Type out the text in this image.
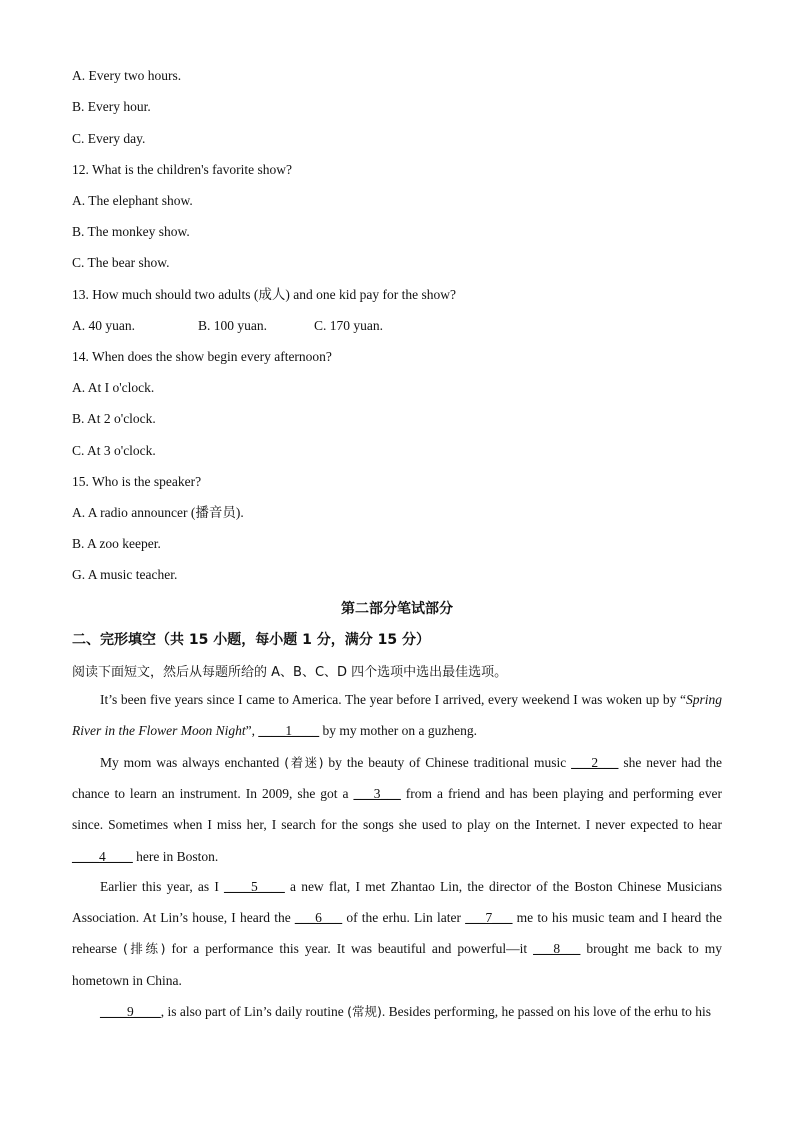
A. Every two hours.
B. Every hour.
C. Every day.
12. What is the children's favorite show?
A. The elephant show.
B. The monkey show.
C. The bear show.
13. How much should two adults (成人) and one kid pay for the show?
A. 40 yuan.	B. 100 yuan.	C. 170 yuan.
14. When does the show begin every afternoon?
A. At I o'clock.
B. At 2 o'clock.
C. At 3 o'clock.
15. Who is the speaker?
A. A radio announcer (播音员).
B. A zoo keeper.
G. A music teacher.
第二部分笔试部分
二、完形填空（共 15 小题，每小题 1 分，满分 15 分）
阅读下面短文，然后从每题所给的 A、B、C、D 四个选项中选出最佳选项。
It’s been five years since I came to America. The year before I arrived, every weekend I was woken up by “Spring River in the Flower Moon Night”, ____1____ by my mother on a guzheng.
My mom was always enchanted (着迷) by the beauty of Chinese traditional music ___2___ she never had the chance to learn an instrument. In 2009, she got a ___3___ from a friend and has been playing and performing ever since. Sometimes when I miss her, I search for the songs she used to play on the Internet. I never expected to hear ____4____ here in Boston.
Earlier this year, as I ____5____ a new flat, I met Zhantao Lin, the director of the Boston Chinese Musicians Association. At Lin’s house, I heard the ___6___ of the erhu. Lin later ___7___ me to his music team and I heard the rehearse (排练) for a performance this year. It was beautiful and powerful—it ___8___ brought me back to my hometown in China.
____9____, is also part of Lin’s daily routine (常规). Besides performing, he passed on his love of the erhu to his
